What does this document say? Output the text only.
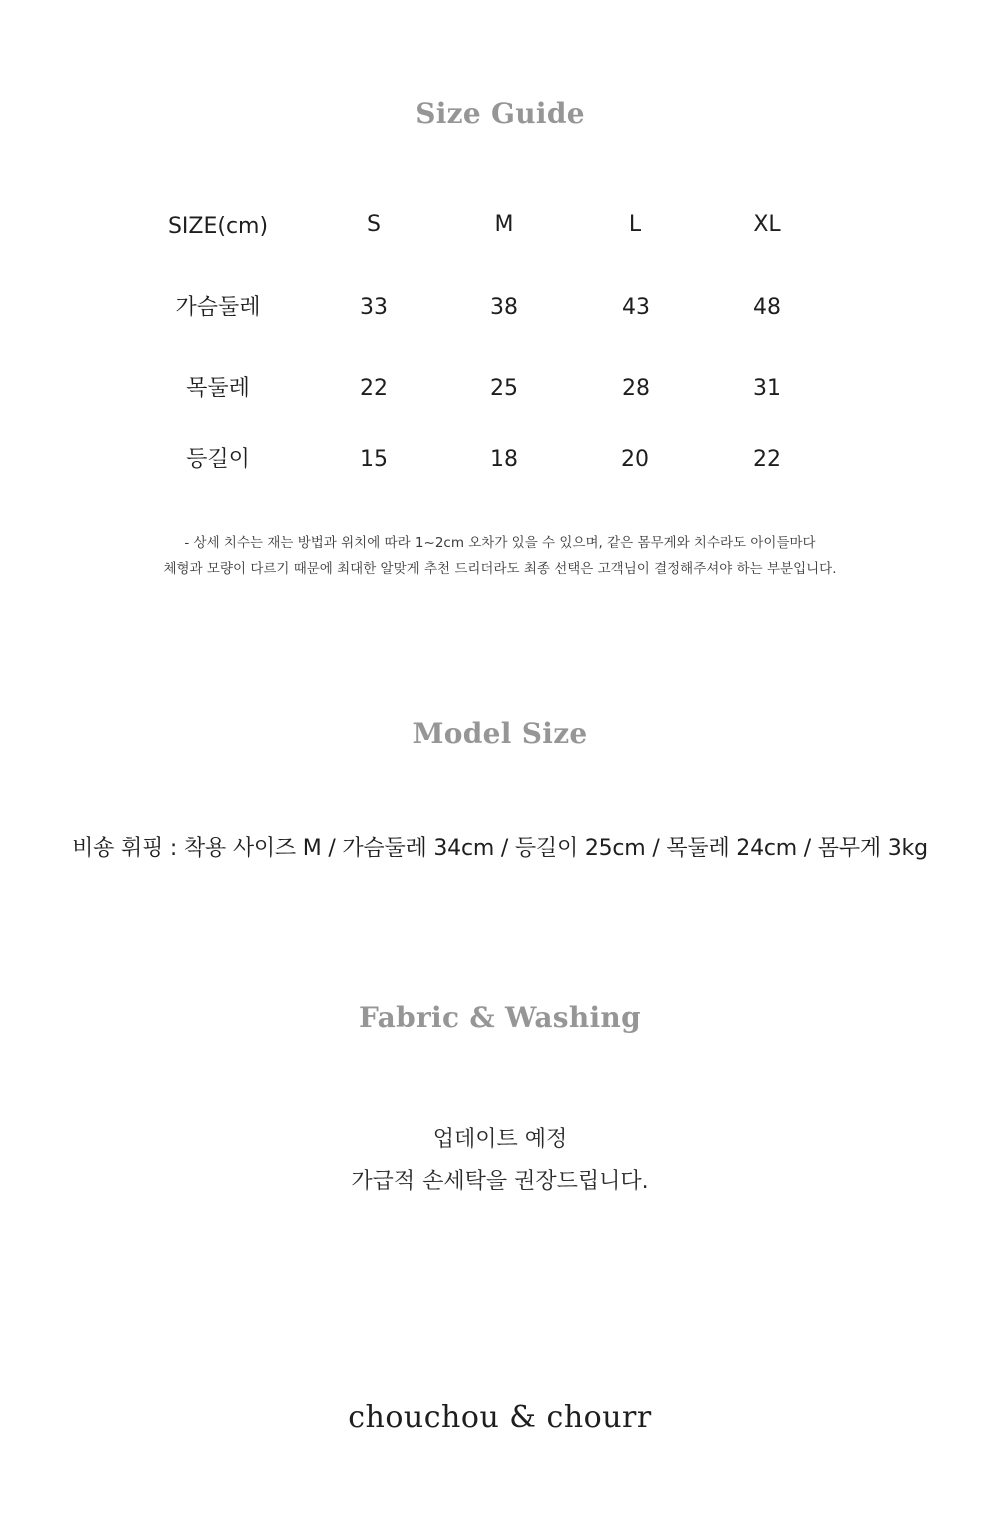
Size Guide
SIZE(cm)	S	M	L	XL
가슴둘레	33	38	43	48
목둘레	22	25	28	31
등길이	15	18	20	22
- 상세 치수는 재는 방법과 위치에 따라 1~2cm 오차가 있을 수 있으며, 같은 몸무게와 치수라도 아이들마다
체형과 모량이 다르기 때문에 최대한 알맞게 추천 드리더라도 최종 선택은 고객님이 결정해주셔야 하는 부분입니다.
Model Size
비숑 휘핑 : 착용 사이즈 M / 가슴둘레 34cm / 등길이 25cm / 목둘레 24cm / 몸무게 3kg
Fabric & Washing
업데이트 예정
가급적 손세탁을 권장드립니다.
chouchou & chourr
